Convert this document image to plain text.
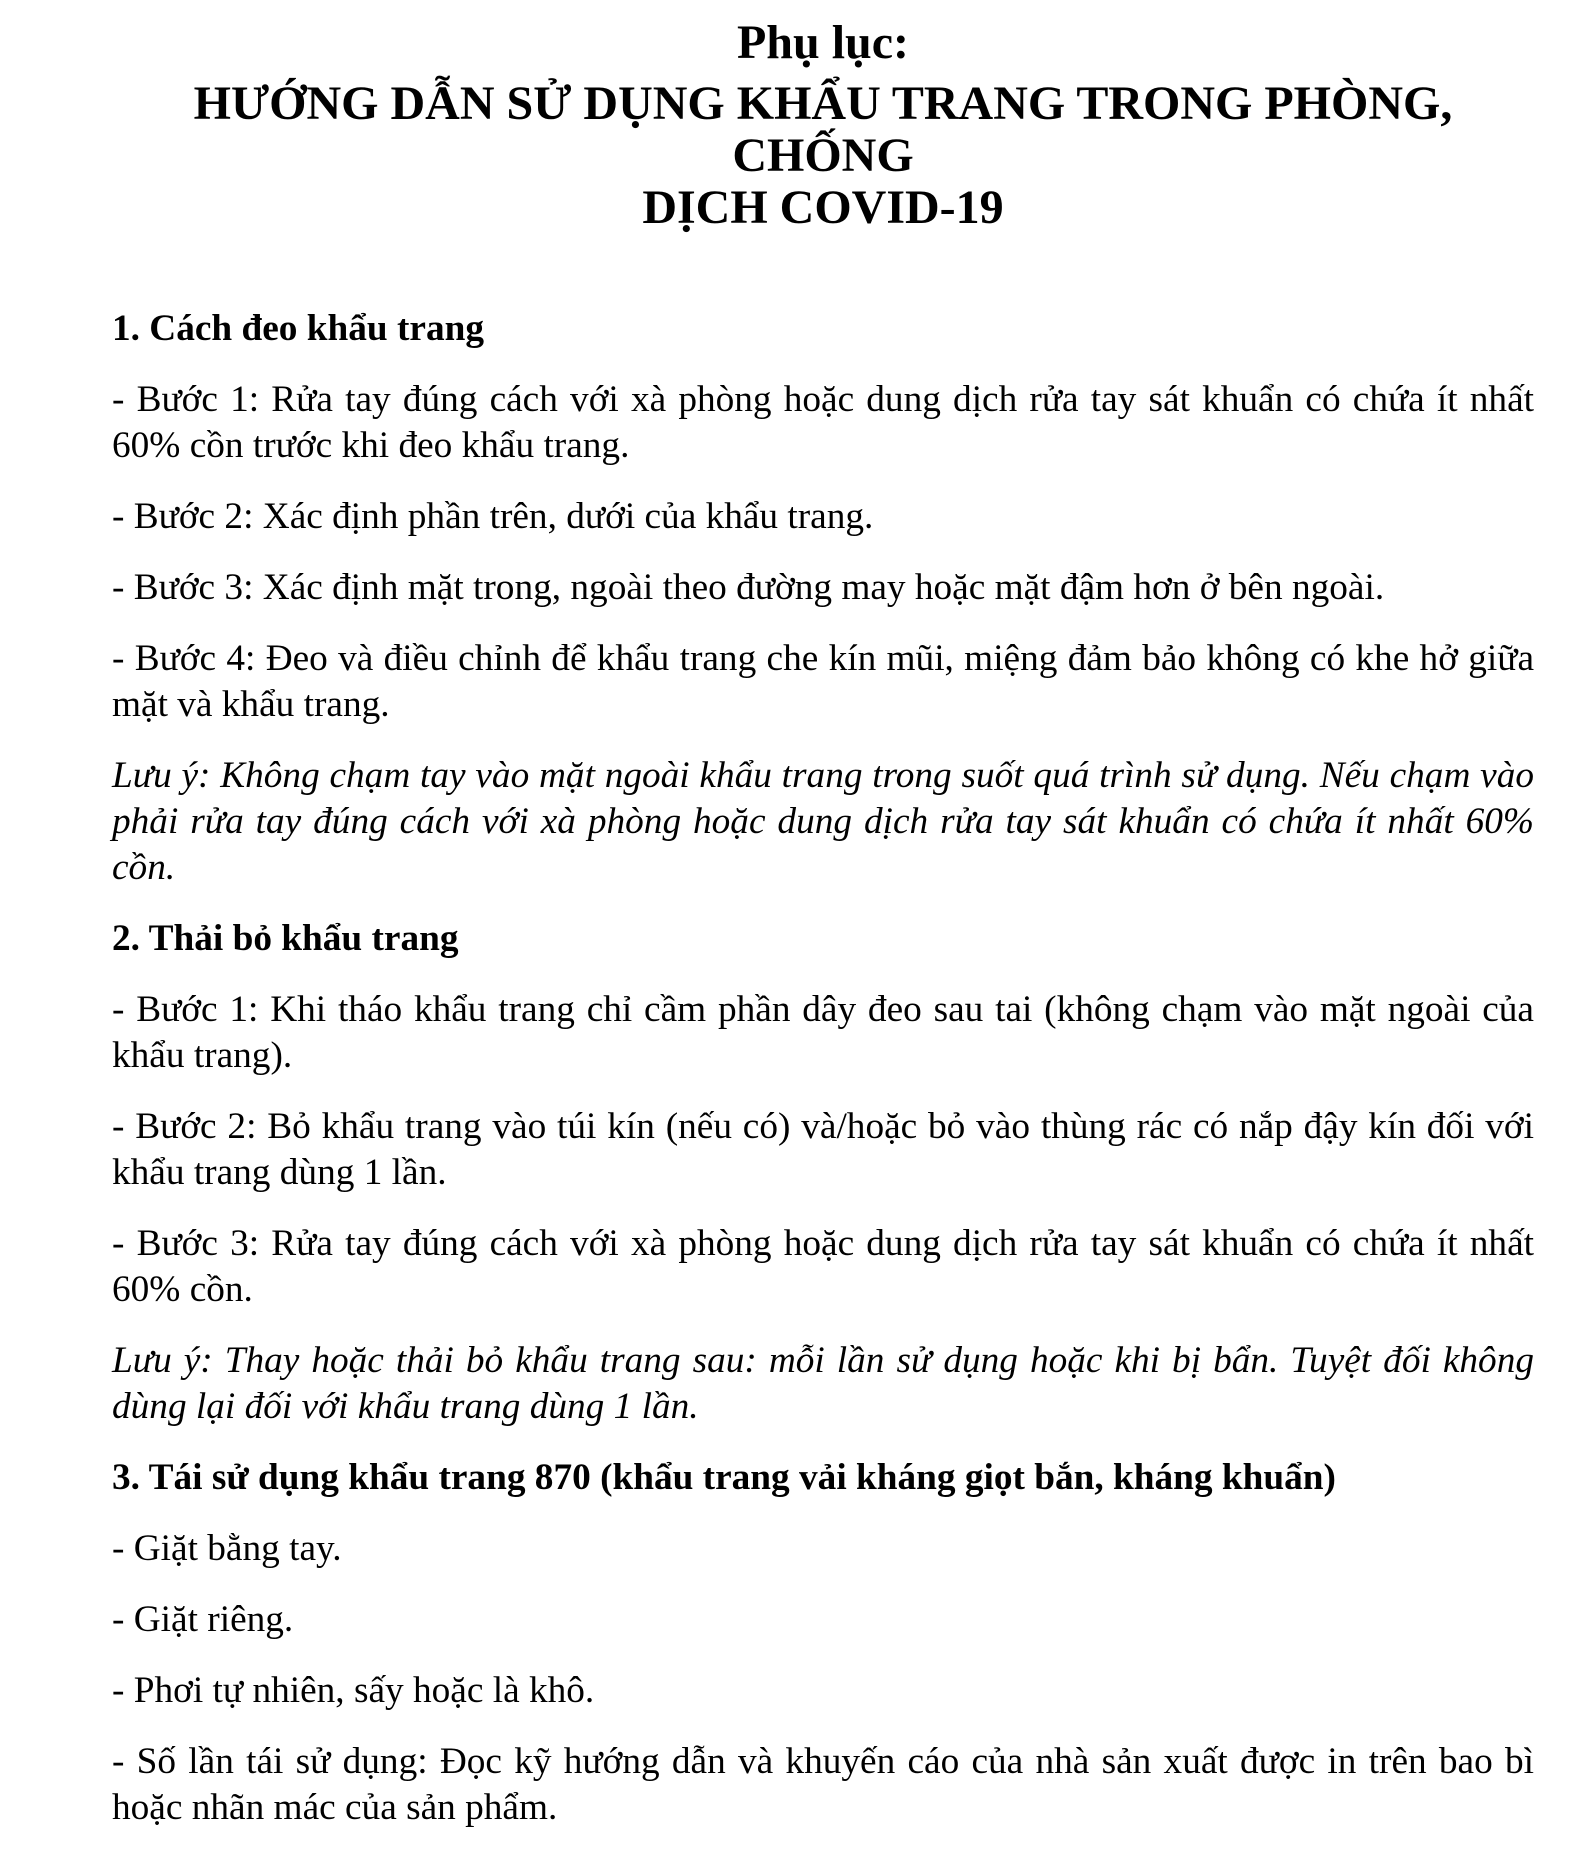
Phụ lục:

HƯỚNG DẪN SỬ DỤNG KHẨU TRANG TRONG PHÒNG, CHỐNG
DỊCH COVID-19
1. Cách đeo khẩu trang

- Bước 1: Rửa tay đúng cách với xà phòng hoặc dung dịch rửa tay sát khuẩn có chứa ít nhất 60% cồn trước khi đeo khẩu trang.

- Bước 2: Xác định phần trên, dưới của khẩu trang.

- Bước 3: Xác định mặt trong, ngoài theo đường may hoặc mặt đậm hơn ở bên ngoài.

- Bước 4: Đeo và điều chỉnh để khẩu trang che kín mũi, miệng đảm bảo không có khe hở giữa mặt và khẩu trang.

Lưu ý: Không chạm tay vào mặt ngoài khẩu trang trong suốt quá trình sử dụng. Nếu chạm vào phải rửa tay đúng cách với xà phòng hoặc dung dịch rửa tay sát khuẩn có chứa ít nhất 60% cồn.

2. Thải bỏ khẩu trang

- Bước 1: Khi tháo khẩu trang chỉ cầm phần dây đeo sau tai (không chạm vào mặt ngoài của khẩu trang).

- Bước 2: Bỏ khẩu trang vào túi kín (nếu có) và/hoặc bỏ vào thùng rác có nắp đậy kín đối với khẩu trang dùng 1 lần.

- Bước 3: Rửa tay đúng cách với xà phòng hoặc dung dịch rửa tay sát khuẩn có chứa ít nhất 60% cồn.

Lưu ý: Thay hoặc thải bỏ khẩu trang sau: mỗi lần sử dụng hoặc khi bị bẩn. Tuyệt đối không dùng lại đối với khẩu trang dùng 1 lần.

3. Tái sử dụng khẩu trang 870 (khẩu trang vải kháng giọt bắn, kháng khuẩn)

- Giặt bằng tay.

- Giặt riêng.

- Phơi tự nhiên, sấy hoặc là khô.

- Số lần tái sử dụng: Đọc kỹ hướng dẫn và khuyến cáo của nhà sản xuất được in trên bao bì hoặc nhãn mác của sản phẩm.
